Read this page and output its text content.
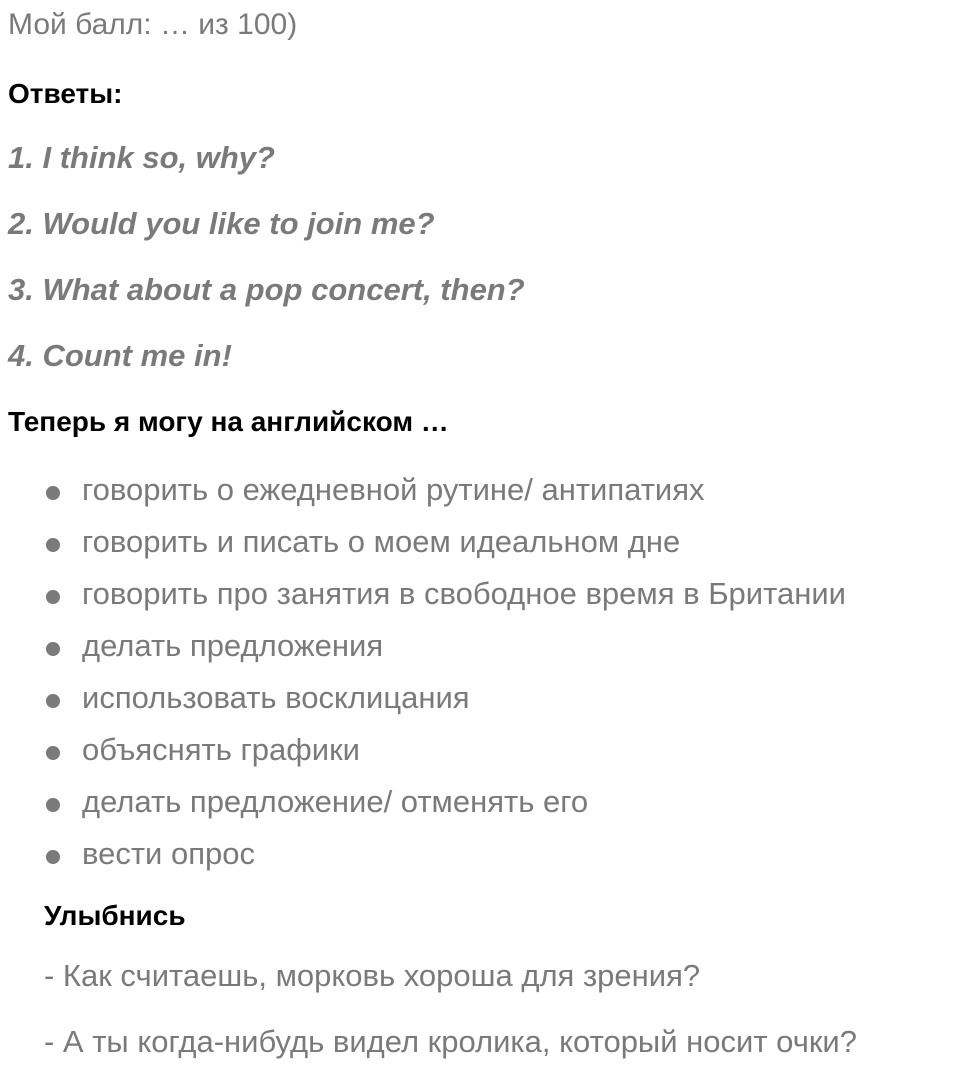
Мой балл: … из 100)
Ответы:
1. I think so, why?
2. Would you like to join me?
3. What about a pop concert, then?
4. Count me in!
Теперь я могу на английском …
говорить о ежедневной рутине/ антипатиях
говорить и писать о моем идеальном дне
говорить про занятия в свободное время в Британии
делать предложения
использовать восклицания
объяснять графики
делать предложение/ отменять его
вести опрос
Улыбнись
- Как считаешь, морковь хороша для зрения?
- А ты когда-нибудь видел кролика, который носит очки?
